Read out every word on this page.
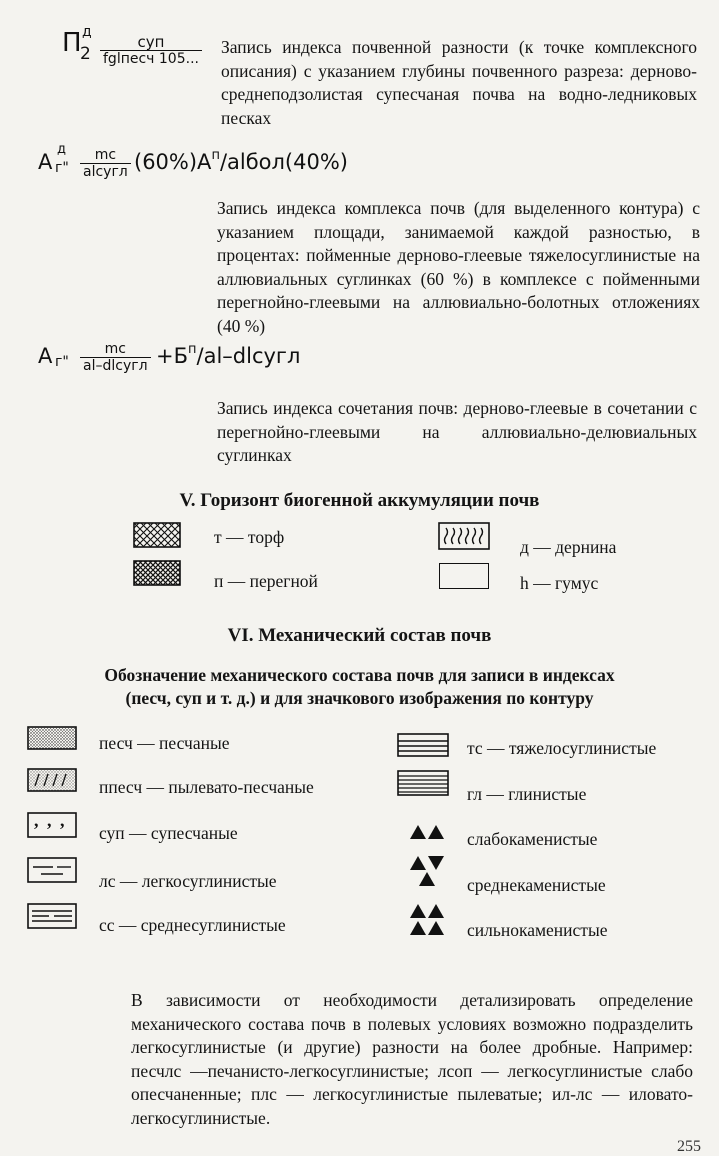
П д
2
суп
fglпесч 105...
Запись индекса почвенной разности (к точке комплексного описания) с указанием глубины почвенного разреза: дерново-среднеподзолистая супесчаная почва на водно-ледниковых песках
А
д
г"
mc
alсугл $(60\%)А^п/alбол(40\%)$
Запись индекса комплекса почв (для выделенного контура) с указанием площади, занимаемой каждой разностью, в процентах: пойменные дерново-глеевые тяжелосуглинистые на аллювиальных суглинках (60 %) в комплексе с пойменными перегнойно-глеевыми на аллювиально-болотных отложениях (40 %)
А г"
mc
al–dlсугл $+Б^п/al$–dlсугл
Запись индекса сочетания почв: дерново-глеевые в сочетании с перегнойно-глеевыми на аллювиально-делювиальных суглинках
V. Горизонт биогенной аккумуляции почв
т — торф	д — дернина
п — перегной	h — гумус
VI. Механический состав почв
Обозначение механического состава почв для записи в индексах
(песч, суп и т. д.) и для значкового изображения по контуру
песч — песчаные
ппесч — пылевато-песчаные
, , ,
суп — супесчаные
лс — легкосуглинистые
сс — среднесуглинистые
тс — тяжелосуглинистые
гл — глинистые
слабокаменистые
среднекаменистые
сильнокаменистые
В зависимости от необходимости детализировать определение механического состава почв в полевых условиях возможно подразделить легкосуглинистые (и другие) разности на более дробные. Например: песчлс —печанисто-легкосуглинистые; лсоп — легкосуглинистые слабо опесчаненные; плс — легкосуглинистые пылеватые; ил-лс — иловато-легкосуглинистые.
255
